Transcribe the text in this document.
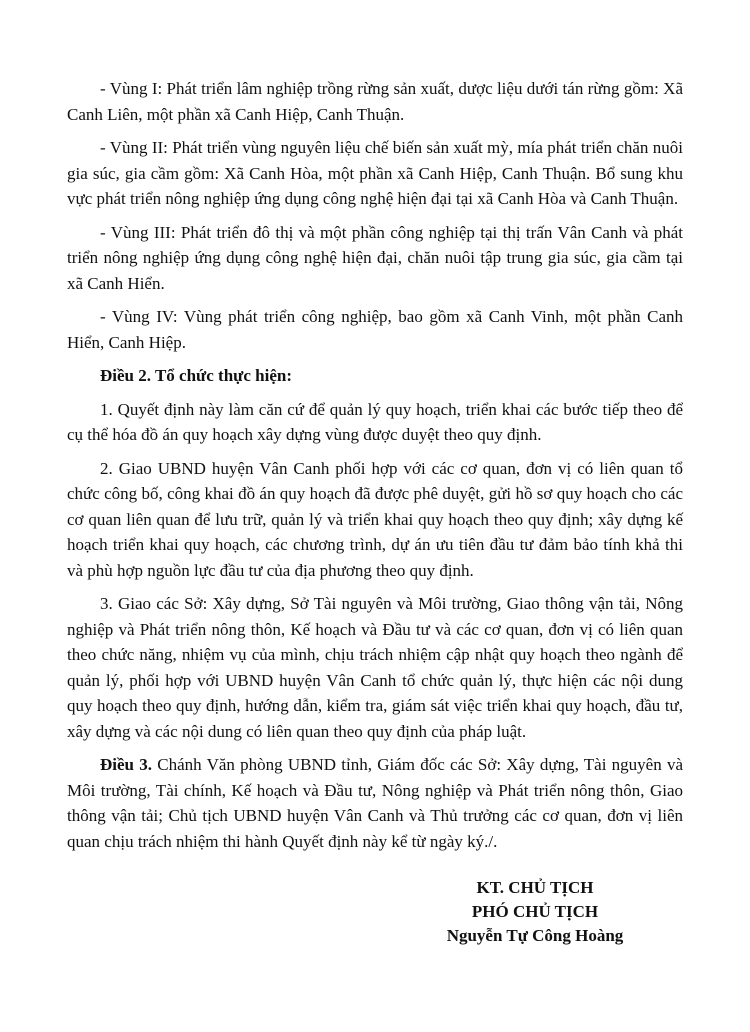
- Vùng I: Phát triển lâm nghiệp trồng rừng sản xuất, dược liệu dưới tán rừng gồm: Xã Canh Liên, một phần xã Canh Hiệp, Canh Thuận.

- Vùng II: Phát triển vùng nguyên liệu chế biến sản xuất mỳ, mía phát triển chăn nuôi gia súc, gia cầm gồm: Xã Canh Hòa, một phần xã Canh Hiệp, Canh Thuận. Bổ sung khu vực phát triển nông nghiệp ứng dụng công nghệ hiện đại tại xã Canh Hòa và Canh Thuận.

- Vùng III: Phát triển đô thị và một phần công nghiệp tại thị trấn Vân Canh và phát triển nông nghiệp ứng dụng công nghệ hiện đại, chăn nuôi tập trung gia súc, gia cầm tại xã Canh Hiển.

- Vùng IV: Vùng phát triển công nghiệp, bao gồm xã Canh Vinh, một phần Canh Hiển, Canh Hiệp.

Điều 2. Tổ chức thực hiện:

1. Quyết định này làm căn cứ để quản lý quy hoạch, triển khai các bước tiếp theo để cụ thể hóa đồ án quy hoạch xây dựng vùng được duyệt theo quy định.

2. Giao UBND huyện Vân Canh phối hợp với các cơ quan, đơn vị có liên quan tổ chức công bố, công khai đồ án quy hoạch đã được phê duyệt, gửi hồ sơ quy hoạch cho các cơ quan liên quan để lưu trữ, quản lý và triển khai quy hoạch theo quy định; xây dựng kế hoạch triển khai quy hoạch, các chương trình, dự án ưu tiên đầu tư đảm bảo tính khả thi và phù hợp nguồn lực đầu tư của địa phương theo quy định.

3. Giao các Sở: Xây dựng, Sở Tài nguyên và Môi trường, Giao thông vận tải, Nông nghiệp và Phát triển nông thôn, Kế hoạch và Đầu tư và các cơ quan, đơn vị có liên quan theo chức năng, nhiệm vụ của mình, chịu trách nhiệm cập nhật quy hoạch theo ngành để quản lý, phối hợp với UBND huyện Vân Canh tổ chức quản lý, thực hiện các nội dung quy hoạch theo quy định, hướng dẫn, kiểm tra, giám sát việc triển khai quy hoạch, đầu tư, xây dựng và các nội dung có liên quan theo quy định của pháp luật.

Điều 3. Chánh Văn phòng UBND tỉnh, Giám đốc các Sở: Xây dựng, Tài nguyên và Môi trường, Tài chính, Kế hoạch và Đầu tư, Nông nghiệp và Phát triển nông thôn, Giao thông vận tải; Chủ tịch UBND huyện Vân Canh và Thủ trưởng các cơ quan, đơn vị liên quan chịu trách nhiệm thi hành Quyết định này kể từ ngày ký./.

KT. CHỦ TỊCH
PHÓ CHỦ TỊCH
Nguyễn Tự Công Hoàng
